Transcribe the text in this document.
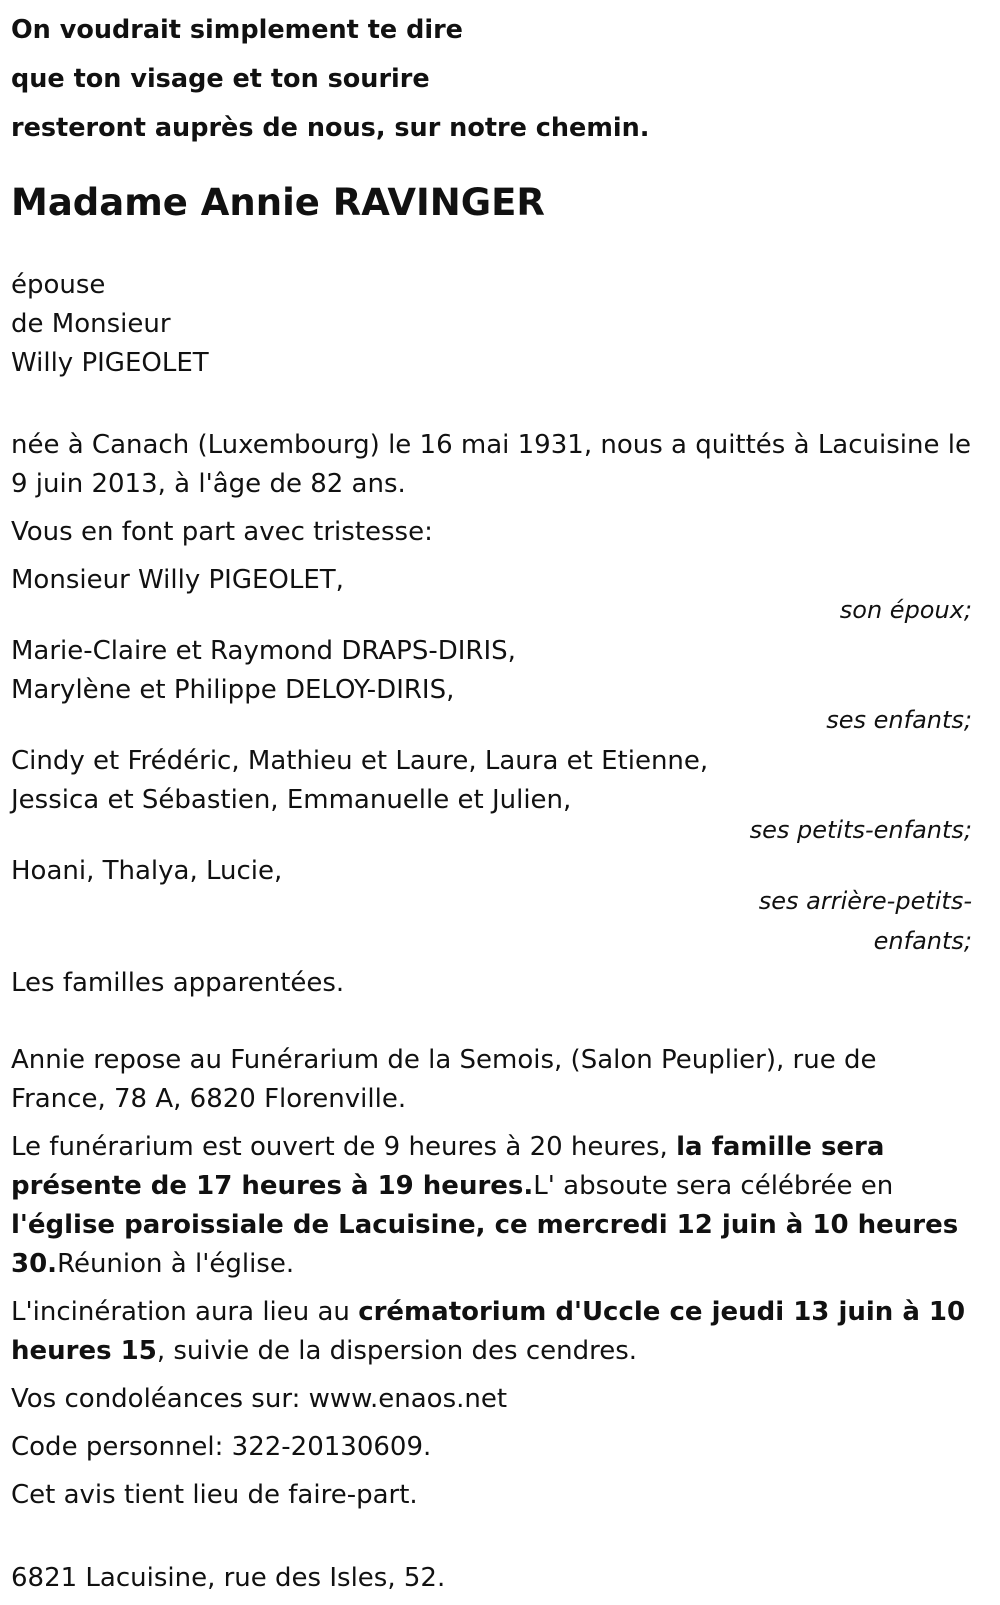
On voudrait simplement te dire
que ton visage et ton sourire
resteront auprès de nous, sur notre chemin.
Madame Annie RAVINGER
épouse
de Monsieur
Willy PIGEOLET

née à Canach (Luxembourg) le 16 mai 1931, nous a quittés à Lacuisine le 9 juin 2013, à l'âge de 82 ans.

Vous en font part avec tristesse:

Monsieur Willy PIGEOLET,
son époux;
Marie-Claire et Raymond DRAPS-DIRIS,
Marylène et Philippe DELOY-DIRIS,
ses enfants;
Cindy et Frédéric, Mathieu et Laure, Laura et Etienne,
Jessica et Sébastien, Emmanuelle et Julien,
ses petits-enfants;
Hoani, Thalya, Lucie,
ses arrière-petits-enfants;

Les familles apparentées.

Annie repose au Funérarium de la Semois, (Salon Peuplier), rue de France, 78 A, 6820 Florenville.

Le funérarium est ouvert de 9 heures à 20 heures, la famille sera présente de 17 heures à 19 heures.L' absoute sera célébrée en l'église paroissiale de Lacuisine, ce mercredi 12 juin à 10 heures 30.Réunion à l'église.

L'incinération aura lieu au crématorium d'Uccle ce jeudi 13 juin à 10 heures 15, suivie de la dispersion des cendres.

Vos condoléances sur: www.enaos.net

Code personnel: 322-20130609.

Cet avis tient lieu de faire-part.

6821 Lacuisine, rue des Isles, 52.
